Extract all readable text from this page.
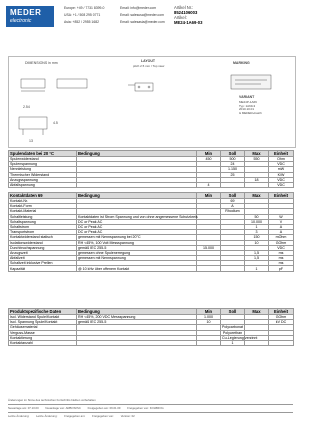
MEDER
electronic
Europe: +49 / 7731 8399-0	Email: info@meder.com
USA: +1 / 508 295 0771	Email: salesusa@meder.com
Asia: +852 / 2955 1682	Email: salesasia@meder.com
Artikel Nr.:
8524106003
Artikel:
ME24-1A69-03
DIMENSIONS in mm	LAYOUT
pitch 2.5 mm / Top view
MARKING
VARIANT
ME24P-1A69
Typ: 1A69-3
2010.10.01
& MEDER+batch
2.54
13
4.5
Spulendaten bei 20 °C	Bedingung	Min	Soll	Max	Einheit
Spulenwiderstand		450	500	550	Ohm
Spulenspannung			24		VDC
Nennleistung			1.150		mW
Thermischer Widerstand			25		K/W
Anzugsspannung				18	VDC
Abfallspannung		4			VDC
Kontaktdaten 69	Bedingung	Min	Soll	Max	Einheit
Kontakt-Nr.			69		
Kontakt-Form			A		
Kontakt-Material			Rhodium		
Schaltleistung	Kontaktdaten ist Strom Spannung und von ohne angemessene Schutzkreis			50	W
Schaltspannung	DC or Peak AC			10.000	V
Schaltstrom	DC or Peak AC			1	A
Transportstrom	DC or Peak AC			3	A
Kontaktwiderstand statisch	gemessen mit Nennspannung bei 20°C			150	mOhm
Isolationswiderstand	RH <45%, 100 Volt Messspannung			10	GOhm
Durchbruchspannung	gemäß IEC 255-5	15.000			VDC
Anzugszeit	gemessen ohne Spulenerregung			1,5	ms
Abfallzeit	gemessen mit Nennspannung			1,5	ms
Schaltzeit inklusive Prellen					ms
Kapazität	@ 10 kHz über offenem Kontakt			1	pF
Produktspezifische Daten	Bedingung	Min	Soll	Max	Einheit
Isol. Widerstand Spule/Kontakt	RH <45%, 200 VDC Messspannung	1.000			GOhm
Isol. Spannung Spule/Kontakt	gemäß IEC 255-5	10			kV DC
Gehäusematerial			Polycarbonat		
Verguss-Masse			Polyurethan		
Kontaktierung			Cu-Legierung verzinnt		
Kontaktanzahl			1		
Änderungen im Sinne des technischen Fortschritts bleiben vorbehalten
Neuanlage am: 07.10.00 Neuanlage von: ARBOS/ISC Freigegeben am: 09.01.09 Freigegeben von: KOLBROG
Letzte Änderung: Letzte Änderung: Freigegeben am: Freigegeben von: Version: 02
